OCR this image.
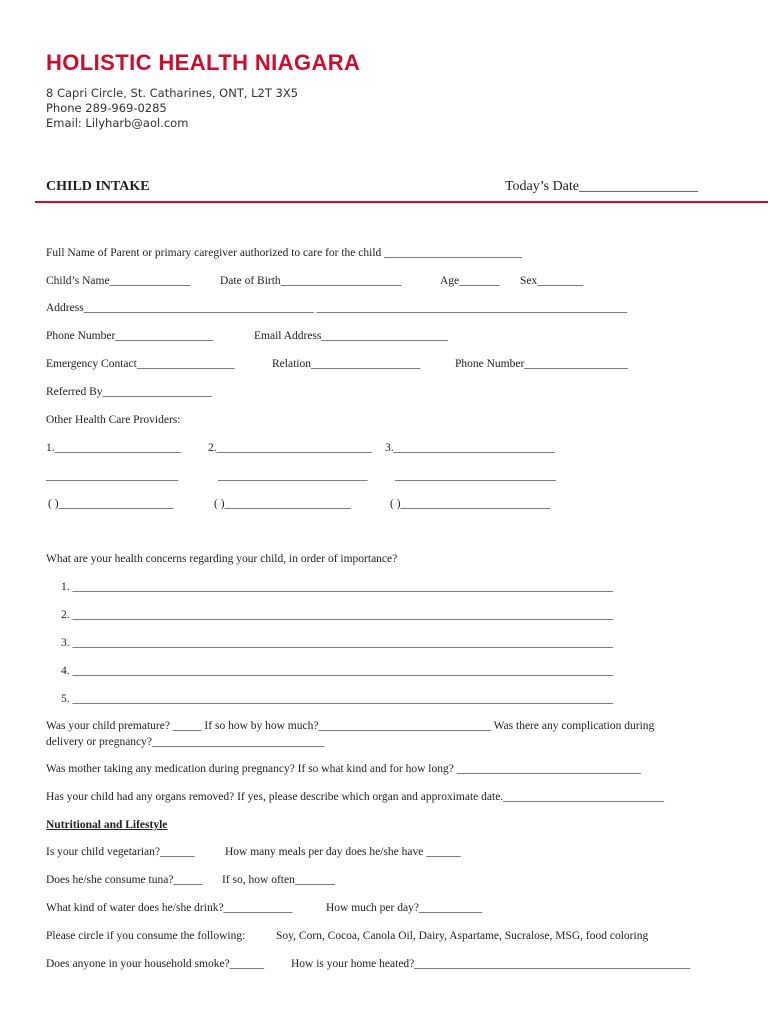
HOLISTIC HEALTH NIAGARA
8 Capri Circle, St. Catharines, ONT, L2T 3X5
Phone 289-969-0285
Email: Lilyharb@aol.com
CHILD INTAKE	Today’s Date_________________
Full Name of Parent or primary caregiver authorized to care for the child ________________________
Child’s Name______________	Date of Birth_____________________	Age_______ Sex________
Address________________________________________ ______________________________________________________
Phone Number_________________	Email Address______________________
Emergency Contact_________________	Relation___________________	Phone Number__________________
Referred By___________________
Other Health Care Providers:
1.______________________ 2.___________________________ 3.____________________________
_______________________	__________________________ ____________________________
( )____________________	( )______________________	( )__________________________
What are your health concerns regarding your child, in order of importance?
1. ______________________________________________________________________________________________
2. ______________________________________________________________________________________________
3. ______________________________________________________________________________________________
4. ______________________________________________________________________________________________
5. ______________________________________________________________________________________________
Was your child premature? _____ If so how by how much?______________________________ Was there any complication during
delivery or pregnancy?______________________________
Was mother taking any medication during pregnancy? If so what kind and for how long? ________________________________
Has your child had any organs removed? If yes, please describe which organ and approximate date.____________________________
Nutritional and Lifestyle
Is your child vegetarian?______	How many meals per day does he/she have ______
Does he/she consume tuna?_____ If so, how often_______
What kind of water does he/she drink?____________	How much per day?___________
Please circle if you consume the following:	Soy, Corn, Cocoa, Canola Oil, Dairy, Aspartame, Sucralose, MSG, food coloring
Does anyone in your household smoke?______ How is your home heated?________________________________________________
